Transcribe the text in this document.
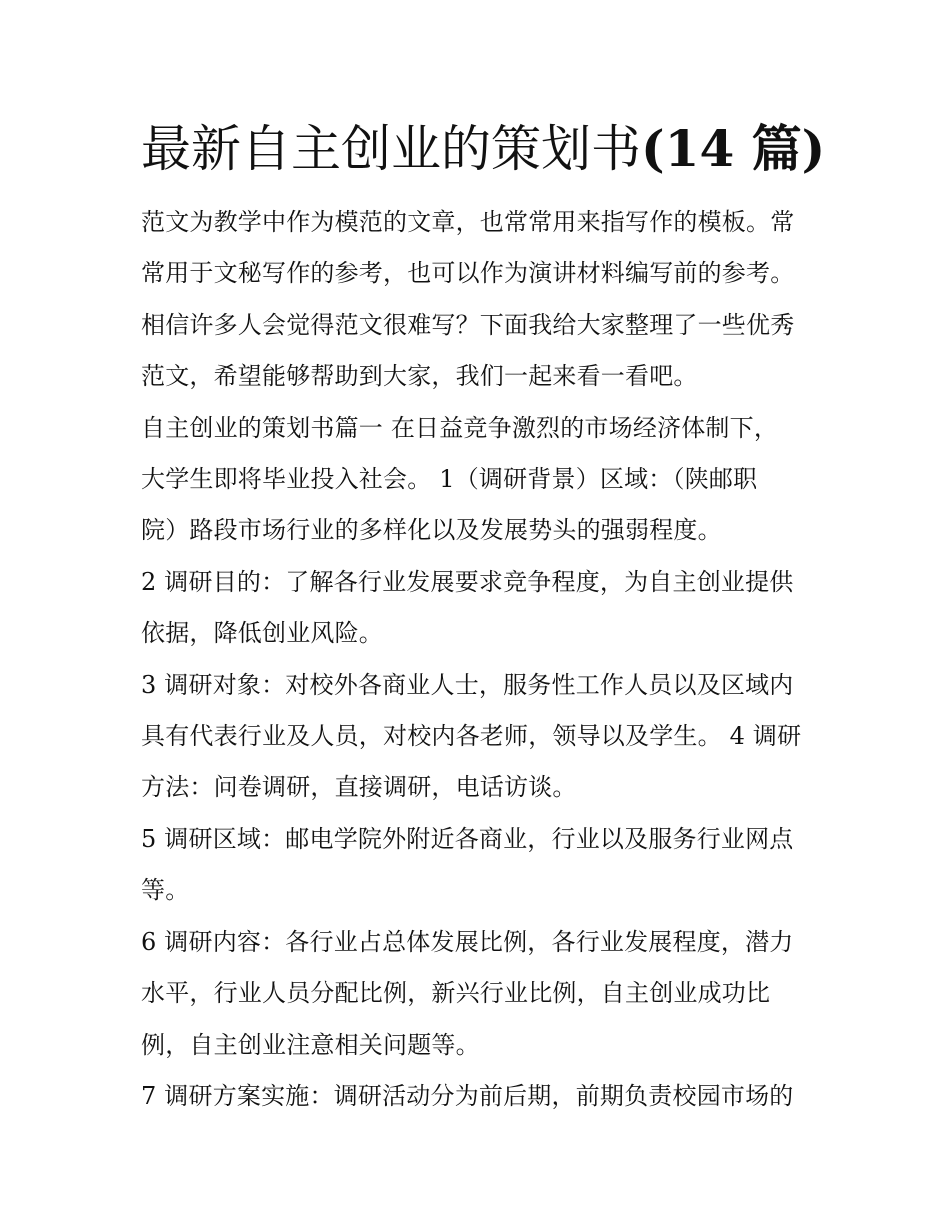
最新自主创业的策划书(14 篇)
范文为教学中作为模范的文章，也常常用来指写作的模板。常
常用于文秘写作的参考，也可以作为演讲材料编写前的参考。
相信许多人会觉得范文很难写？下面我给大家整理了一些优秀
范文，希望能够帮助到大家，我们一起来看一看吧。
自主创业的策划书篇一 在日益竞争激烈的市场经济体制下，
大学生即将毕业投入社会。 1（调研背景）区域：（陕邮职
院）路段市场行业的多样化以及发展势头的强弱程度。
2 调研目的：了解各行业发展要求竞争程度，为自主创业提供
依据，降低创业风险。
3 调研对象：对校外各商业人士，服务性工作人员以及区域内
具有代表行业及人员，对校内各老师，领导以及学生。 4 调研
方法：问卷调研，直接调研，电话访谈。
5 调研区域：邮电学院外附近各商业，行业以及服务行业网点
等。
6 调研内容：各行业占总体发展比例，各行业发展程度，潜力
水平，行业人员分配比例，新兴行业比例，自主创业成功比
例，自主创业注意相关问题等。
7 调研方案实施：调研活动分为前后期，前期负责校园市场的
